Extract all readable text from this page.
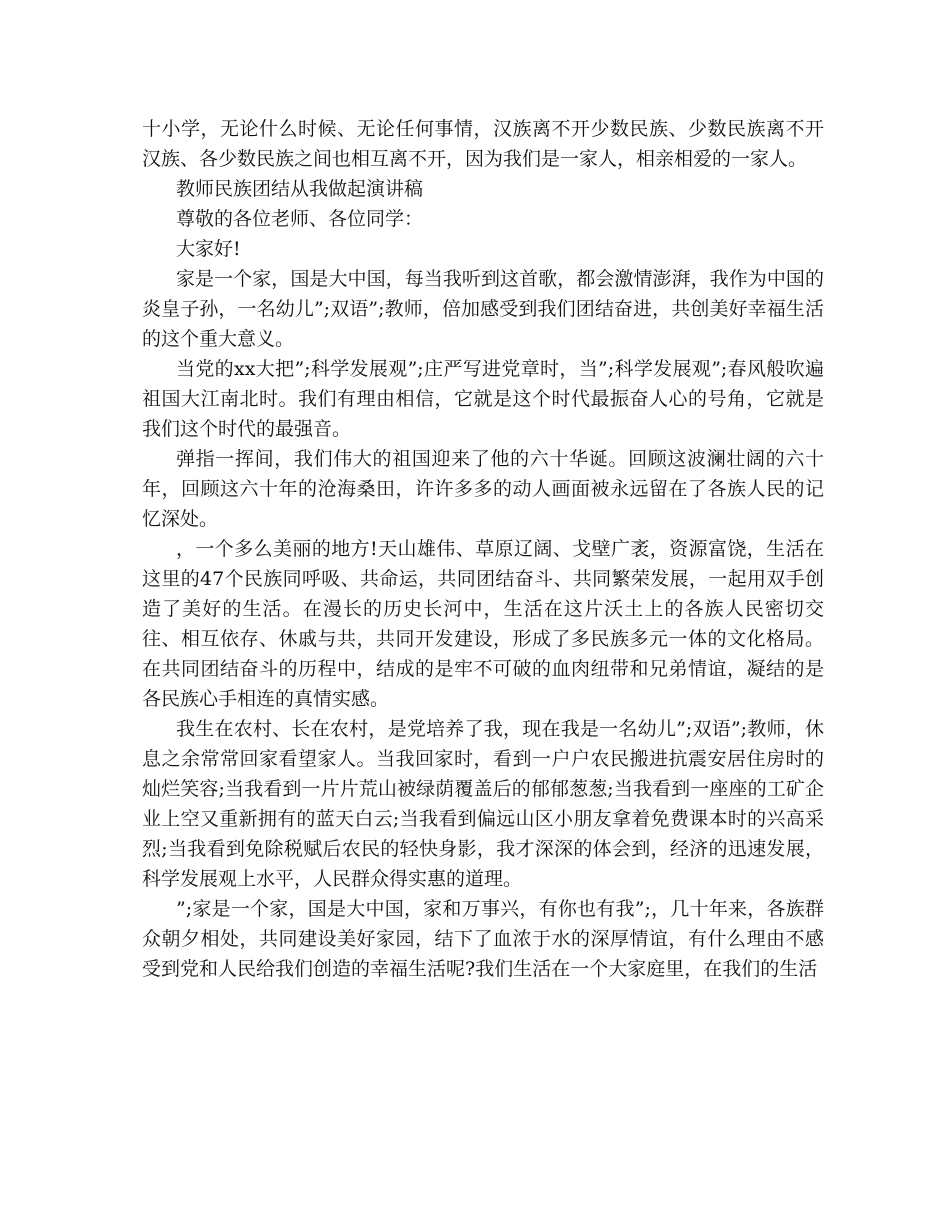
十小学，无论什么时候、无论任何事情，汉族离不开少数民族、少数民族离不开汉族、各少数民族之间也相互离不开，因为我们是一家人，相亲相爱的一家人。

教师民族团结从我做起演讲稿

尊敬的各位老师、各位同学：

大家好!

家是一个家，国是大中国，每当我听到这首歌，都会激情澎湃，我作为中国的炎皇子孙，一名幼儿”;双语”;教师，倍加感受到我们团结奋进，共创美好幸福生活的这个重大意义。

当党的xx大把”;科学发展观”;庄严写进党章时，当”;科学发展观”;春风般吹遍祖国大江南北时。我们有理由相信，它就是这个时代最振奋人心的号角，它就是我们这个时代的最强音。

弹指一挥间，我们伟大的祖国迎来了他的六十华诞。回顾这波澜壮阔的六十年，回顾这六十年的沧海桑田，许许多多的动人画面被永远留在了各族人民的记忆深处。

，一个多么美丽的地方!天山雄伟、草原辽阔、戈壁广袤，资源富饶，生活在这里的47个民族同呼吸、共命运，共同团结奋斗、共同繁荣发展，一起用双手创造了美好的生活。在漫长的历史长河中，生活在这片沃土上的各族人民密切交往、相互依存、休戚与共，共同开发建设，形成了多民族多元一体的文化格局。在共同团结奋斗的历程中，结成的是牢不可破的血肉纽带和兄弟情谊，凝结的是各民族心手相连的真情实感。

我生在农村、长在农村，是党培养了我，现在我是一名幼儿”;双语”;教师，休息之余常常回家看望家人。当我回家时，看到一户户农民搬进抗震安居住房时的灿烂笑容;当我看到一片片荒山被绿荫覆盖后的郁郁葱葱;当我看到一座座的工矿企业上空又重新拥有的蓝天白云;当我看到偏远山区小朋友拿着免费课本时的兴高采烈;当我看到免除税赋后农民的轻快身影，我才深深的体会到，经济的迅速发展，科学发展观上水平，人民群众得实惠的道理。

”;家是一个家，国是大中国，家和万事兴，有你也有我”;，几十年来，各族群众朝夕相处，共同建设美好家园，结下了血浓于水的深厚情谊，有什么理由不感受到党和人民给我们创造的幸福生活呢?我们生活在一个大家庭里，在我们的生活
